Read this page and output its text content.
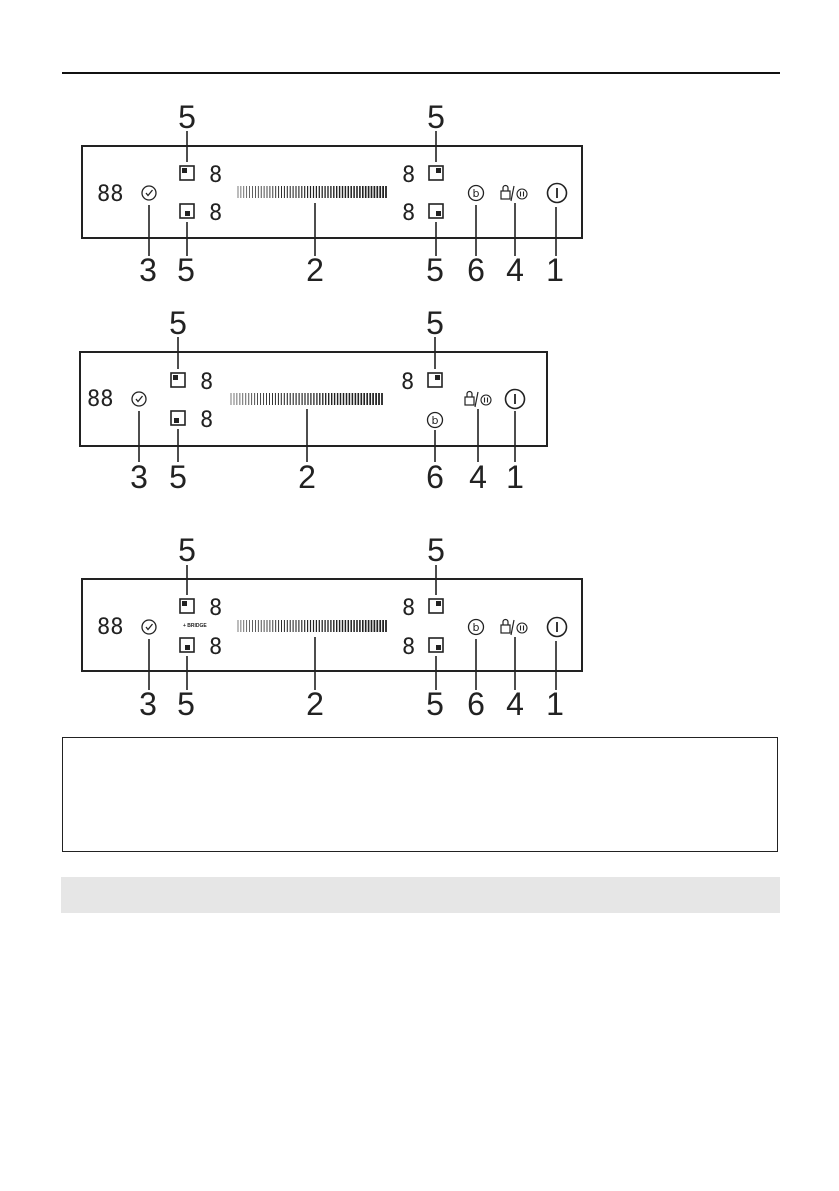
88
8
8
8
8
b
5	5
3 5	2	5 6 4 1
88
8
8
8
b
5	5
3 5	2	6 4 1
88
8
+ BRIDGE
8
8
8
b
5	5
3 5	2	5 6 4 1
